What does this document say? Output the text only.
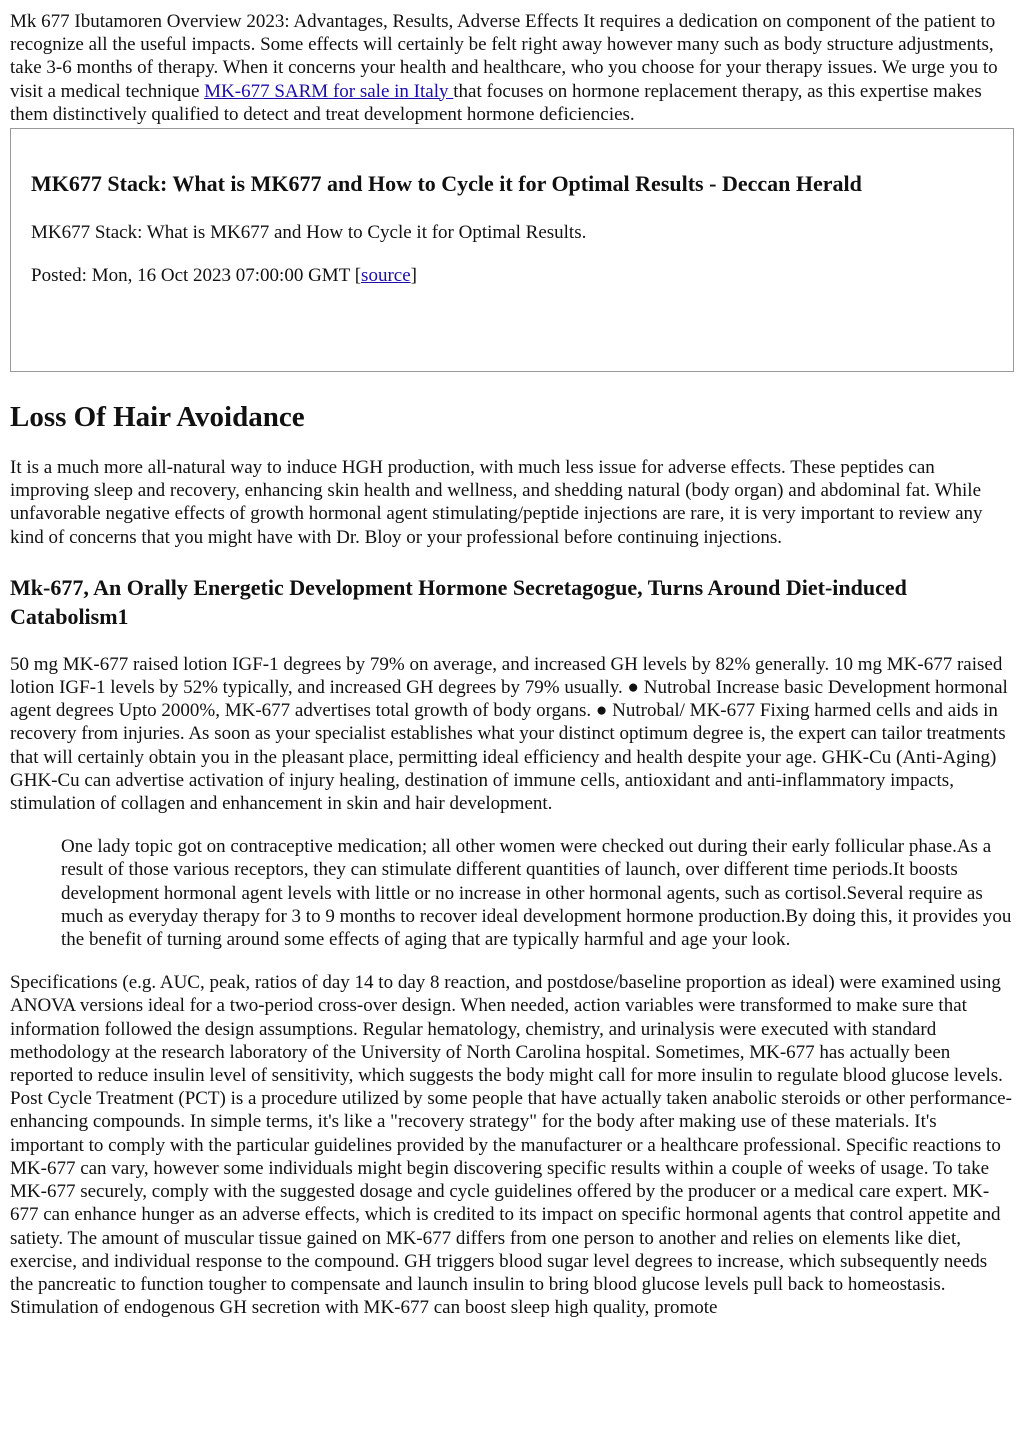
Mk 677 Ibutamoren Overview 2023: Advantages, Results, Adverse Effects It requires a dedication on component of the patient to recognize all the useful impacts. Some effects will certainly be felt right away however many such as body structure adjustments, take 3-6 months of therapy. When it concerns your health and healthcare, who you choose for your therapy issues. We urge you to visit a medical technique MK-677 SARM for sale in Italy that focuses on hormone replacement therapy, as this expertise makes them distinctively qualified to detect and treat development hormone deficiencies.

MK677 Stack: What is MK677 and How to Cycle it for Optimal Results - Deccan Herald

MK677 Stack: What is MK677 and How to Cycle it for Optimal Results.

Posted: Mon, 16 Oct 2023 07:00:00 GMT [source]

Loss Of Hair Avoidance

It is a much more all-natural way to induce HGH production, with much less issue for adverse effects. These peptides can improving sleep and recovery, enhancing skin health and wellness, and shedding natural (body organ) and abdominal fat. While unfavorable negative effects of growth hormonal agent stimulating/peptide injections are rare, it is very important to review any kind of concerns that you might have with Dr. Bloy or your professional before continuing injections.

Mk-677, An Orally Energetic Development Hormone Secretagogue, Turns Around Diet-induced Catabolism1

50 mg MK-677 raised lotion IGF-1 degrees by 79% on average, and increased GH levels by 82% generally. 10 mg MK-677 raised lotion IGF-1 levels by 52% typically, and increased GH degrees by 79% usually. ● Nutrobal Increase basic Development hormonal agent degrees Upto 2000%, MK-677 advertises total growth of body organs. ● Nutrobal/ MK-677 Fixing harmed cells and aids in recovery from injuries. As soon as your specialist establishes what your distinct optimum degree is, the expert can tailor treatments that will certainly obtain you in the pleasant place, permitting ideal efficiency and health despite your age. GHK-Cu (Anti-Aging) GHK-Cu can advertise activation of injury healing, destination of immune cells, antioxidant and anti-inflammatory impacts, stimulation of collagen and enhancement in skin and hair development.

One lady topic got on contraceptive medication; all other women were checked out during their early follicular phase.As a result of those various receptors, they can stimulate different quantities of launch, over different time periods.It boosts development hormonal agent levels with little or no increase in other hormonal agents, such as cortisol.Several require as much as everyday therapy for 3 to 9 months to recover ideal development hormone production.By doing this, it provides you the benefit of turning around some effects of aging that are typically harmful and age your look.

Specifications (e.g. AUC, peak, ratios of day 14 to day 8 reaction, and postdose/baseline proportion as ideal) were examined using ANOVA versions ideal for a two-period cross-over design. When needed, action variables were transformed to make sure that information followed the design assumptions. Regular hematology, chemistry, and urinalysis were executed with standard methodology at the research laboratory of the University of North Carolina hospital. Sometimes, MK-677 has actually been reported to reduce insulin level of sensitivity, which suggests the body might call for more insulin to regulate blood glucose levels. Post Cycle Treatment (PCT) is a procedure utilized by some people that have actually taken anabolic steroids or other performance-enhancing compounds. In simple terms, it's like a "recovery strategy" for the body after making use of these materials. It's important to comply with the particular guidelines provided by the manufacturer or a healthcare professional. Specific reactions to MK-677 can vary, however some individuals might begin discovering specific results within a couple of weeks of usage. To take MK-677 securely, comply with the suggested dosage and cycle guidelines offered by the producer or a medical care expert. MK-677 can enhance hunger as an adverse effects, which is credited to its impact on specific hormonal agents that control appetite and satiety. The amount of muscular tissue gained on MK-677 differs from one person to another and relies on elements like diet, exercise, and individual response to the compound. GH triggers blood sugar level degrees to increase, which subsequently needs the pancreatic to function tougher to compensate and launch insulin to bring blood glucose levels pull back to homeostasis. Stimulation of endogenous GH secretion with MK-677 can boost sleep high quality, promote
